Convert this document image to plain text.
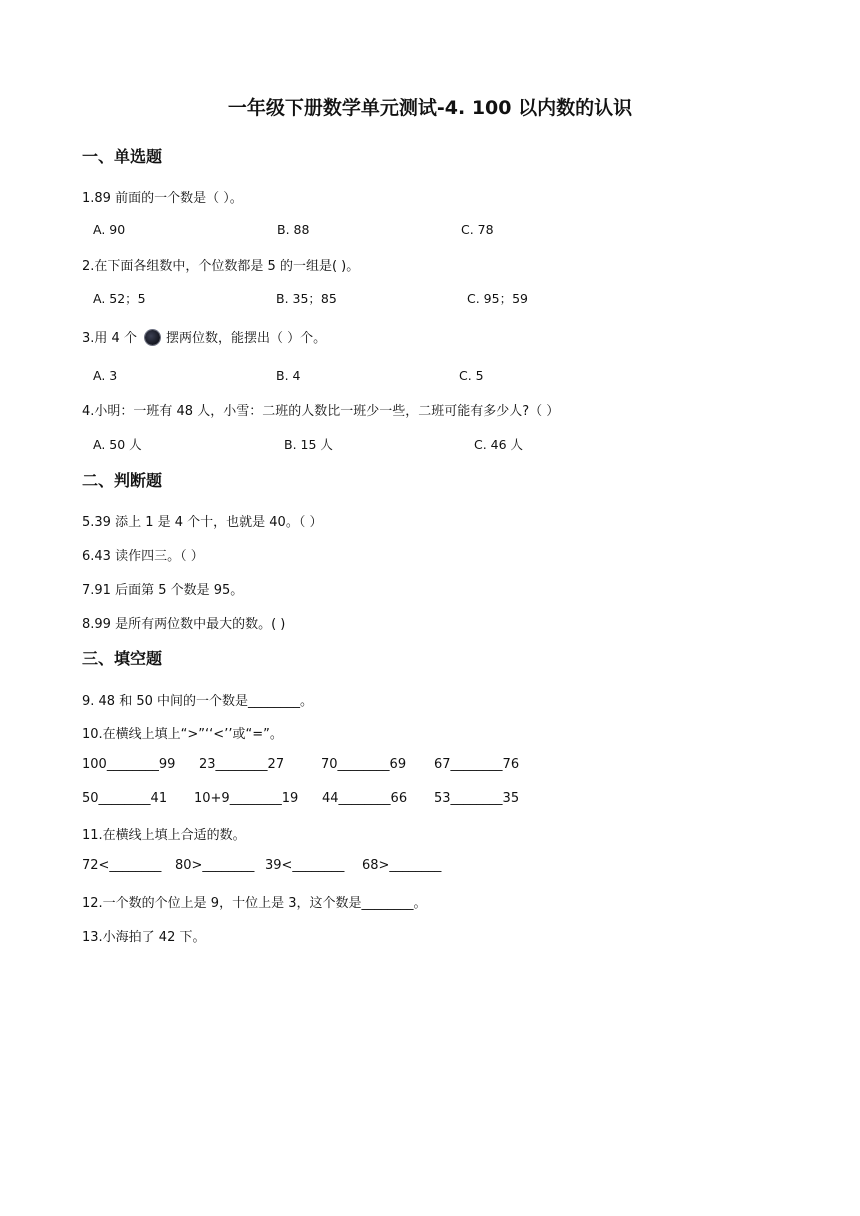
一年级下册数学单元测试-4. 100 以内数的认识
一、单选题
1.89 前面的一个数是（ ）。
A. 90	B. 88	C. 78
2.在下面各组数中，个位数都是 5 的一组是( )。
A. 52；5	B. 35；85	C. 95；59
3.用 4 个 摆两位数，能摆出（ ）个。
A. 3	B. 4	C. 5
4.小明：一班有 48 人，小雪：二班的人数比一班少一些，二班可能有多少人?（ ）
A. 50 人	B. 15 人	C. 46 人
二、判断题
5.39 添上 1 是 4 个十，也就是 40。（ ）
6.43 读作四三。（ ）
7.91 后面第 5 个数是 95。
8.99 是所有两位数中最大的数。( )
三、填空题
9. 48 和 50 中间的一个数是________。
10.在横线上填上“>”‘‘<’’或“=”。
100________99 23________27	70________69 67________76
50________41 10+9________19 44________66 53________35
11.在横线上填上合适的数。
72<________ 80>________ 39<________ 68>________
12.一个数的个位上是 9，十位上是 3，这个数是________。
13.小海拍了 42 下。
